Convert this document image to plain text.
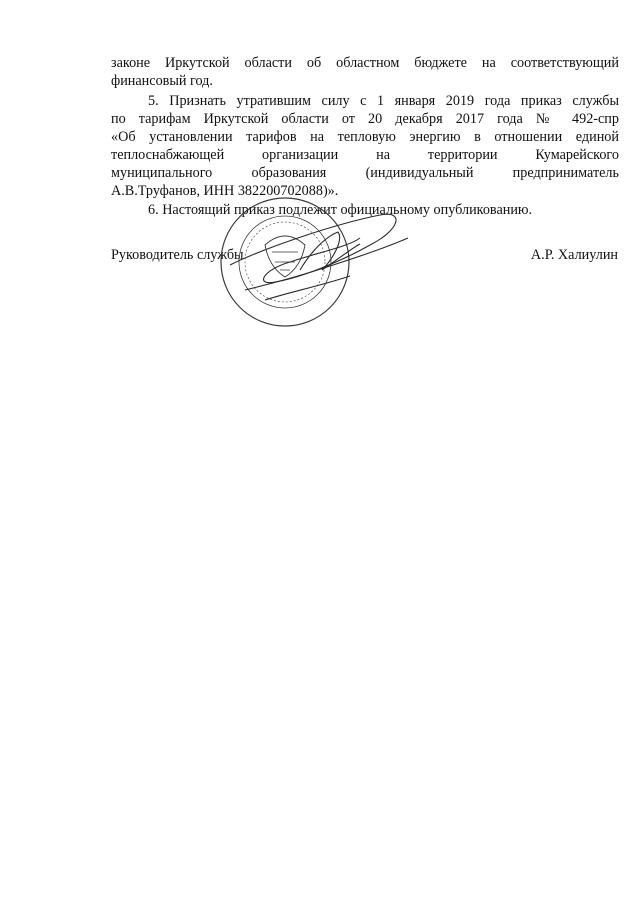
законе Иркутской области об областном бюджете на соответствующий
финансовый год.
5. Признать утратившим силу с 1 января 2019 года приказ службы
по тарифам Иркутской области от 20 декабря 2017 года № 492-спр
«Об установлении тарифов на тепловую энергию в отношении единой
теплоснабжающей организации на территории Кумарейского
муниципального образования (индивидуальный предприниматель
А.В.Труфанов, ИНН 382200702088)».
6. Настоящий приказ подлежит официальному опубликованию.
Руководитель службы	А.Р. Халиулин
